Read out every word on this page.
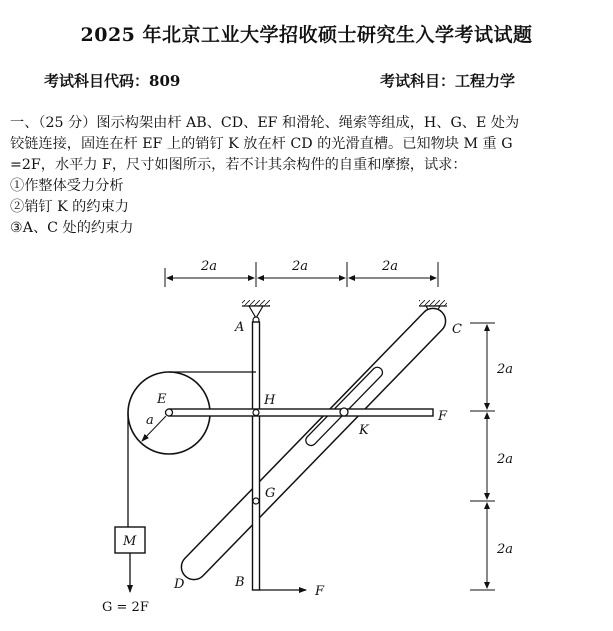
2025 年北京工业大学招收硕士研究生入学考试试题
考试科目代码：809	考试科目：工程力学

一、（25 分）图示构架由杆 AB、CD、EF 和滑轮、绳索等组成，H、G、E 处为

铰链连接，固连在杆 EF 上的销钉 K 放在杆 CD 的光滑直槽。已知物块 M 重 G

=2F，水平力 F，尺寸如图所示，若不计其余构件的自重和摩擦，试求：

①作整体受力分析

②销钉 K 的约束力

③A、C 处的约束力

2a	2a	2a
2a
2a
2a
A
B
C
D
E
F
H
G
K
a
M
F
G = 2F
